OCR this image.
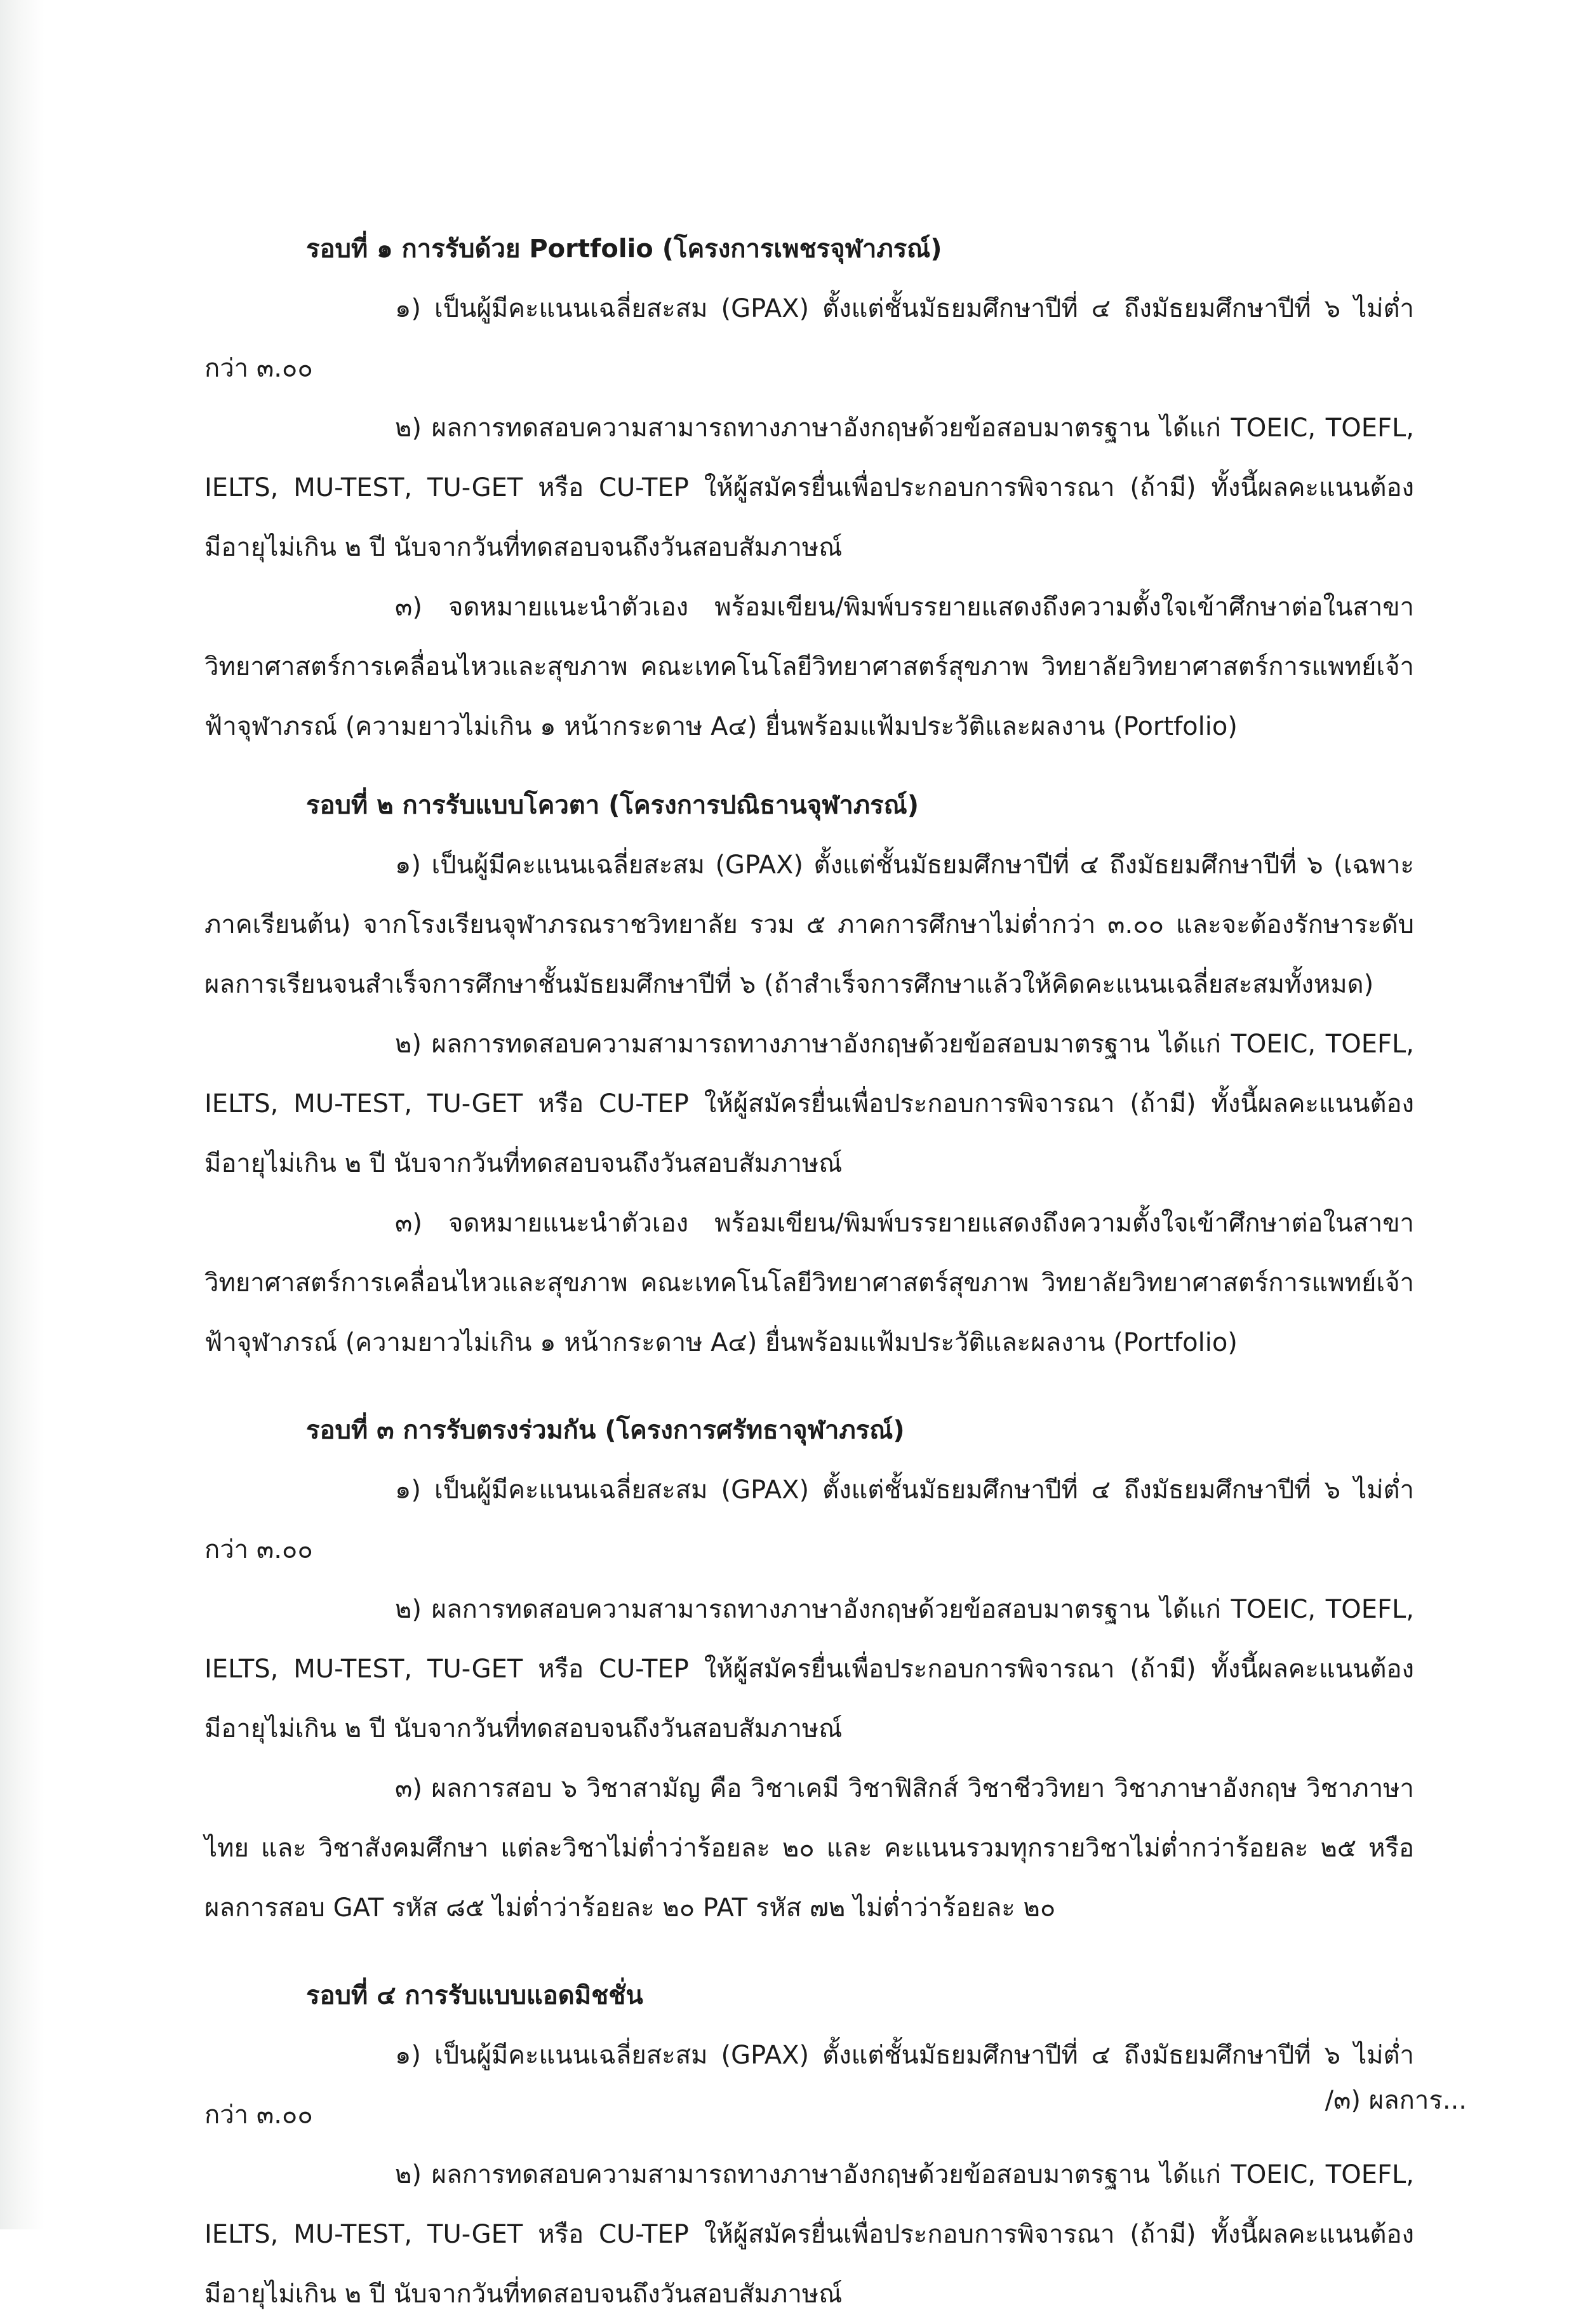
รอบที่ ๑ การรับด้วย Portfolio (โครงการเพชรจุฬาภรณ์)

๑) เป็นผู้มีคะแนนเฉลี่ยสะสม (GPAX) ตั้งแต่ชั้นมัธยมศึกษาปีที่ ๔ ถึงมัธยมศึกษาปีที่ ๖ ไม่ต่ำกว่า ๓.๐๐

๒) ผลการทดสอบความสามารถทางภาษาอังกฤษด้วยข้อสอบมาตรฐาน ได้แก่ TOEIC, TOEFL, IELTS, MU-TEST, TU-GET หรือ CU-TEP ให้ผู้สมัครยื่นเพื่อประกอบการพิจารณา (ถ้ามี) ทั้งนี้ผลคะแนนต้องมีอายุไม่เกิน ๒ ปี นับจากวันที่ทดสอบจนถึงวันสอบสัมภาษณ์

๓) จดหมายแนะนำตัวเอง พร้อมเขียน/พิมพ์บรรยายแสดงถึงความตั้งใจเข้าศึกษาต่อในสาขาวิทยาศาสตร์การเคลื่อนไหวและสุขภาพ คณะเทคโนโลยีวิทยาศาสตร์สุขภาพ วิทยาลัยวิทยาศาสตร์การแพทย์เจ้าฟ้าจุฬาภรณ์ (ความยาวไม่เกิน ๑ หน้ากระดาษ A๔) ยื่นพร้อมแฟ้มประวัติและผลงาน (Portfolio)

รอบที่ ๒ การรับแบบโควตา (โครงการปณิธานจุฬาภรณ์)

๑) เป็นผู้มีคะแนนเฉลี่ยสะสม (GPAX) ตั้งแต่ชั้นมัธยมศึกษาปีที่ ๔ ถึงมัธยมศึกษาปีที่ ๖ (เฉพาะภาคเรียนต้น) จากโรงเรียนจุฬาภรณราชวิทยาลัย รวม ๕ ภาคการศึกษาไม่ต่ำกว่า ๓.๐๐ และจะต้องรักษาระดับผลการเรียนจนสำเร็จการศึกษาชั้นมัธยมศึกษาปีที่ ๖ (ถ้าสำเร็จการศึกษาแล้วให้คิดคะแนนเฉลี่ยสะสมทั้งหมด)

๒) ผลการทดสอบความสามารถทางภาษาอังกฤษด้วยข้อสอบมาตรฐาน ได้แก่ TOEIC, TOEFL, IELTS, MU-TEST, TU-GET หรือ CU-TEP ให้ผู้สมัครยื่นเพื่อประกอบการพิจารณา (ถ้ามี) ทั้งนี้ผลคะแนนต้องมีอายุไม่เกิน ๒ ปี นับจากวันที่ทดสอบจนถึงวันสอบสัมภาษณ์

๓) จดหมายแนะนำตัวเอง พร้อมเขียน/พิมพ์บรรยายแสดงถึงความตั้งใจเข้าศึกษาต่อในสาขาวิทยาศาสตร์การเคลื่อนไหวและสุขภาพ คณะเทคโนโลยีวิทยาศาสตร์สุขภาพ วิทยาลัยวิทยาศาสตร์การแพทย์เจ้าฟ้าจุฬาภรณ์ (ความยาวไม่เกิน ๑ หน้ากระดาษ A๔) ยื่นพร้อมแฟ้มประวัติและผลงาน (Portfolio)

รอบที่ ๓ การรับตรงร่วมกัน (โครงการศรัทธาจุฬาภรณ์)

๑) เป็นผู้มีคะแนนเฉลี่ยสะสม (GPAX) ตั้งแต่ชั้นมัธยมศึกษาปีที่ ๔ ถึงมัธยมศึกษาปีที่ ๖ ไม่ต่ำกว่า ๓.๐๐

๒) ผลการทดสอบความสามารถทางภาษาอังกฤษด้วยข้อสอบมาตรฐาน ได้แก่ TOEIC, TOEFL, IELTS, MU-TEST, TU-GET หรือ CU-TEP ให้ผู้สมัครยื่นเพื่อประกอบการพิจารณา (ถ้ามี) ทั้งนี้ผลคะแนนต้องมีอายุไม่เกิน ๒ ปี นับจากวันที่ทดสอบจนถึงวันสอบสัมภาษณ์

๓) ผลการสอบ ๖ วิชาสามัญ คือ วิชาเคมี วิชาฟิสิกส์ วิชาชีววิทยา วิชาภาษาอังกฤษ วิชาภาษาไทย และ วิชาสังคมศึกษา แต่ละวิชาไม่ต่ำว่าร้อยละ ๒๐ และ คะแนนรวมทุกรายวิชาไม่ต่ำกว่าร้อยละ ๒๕ หรือ ผลการสอบ GAT รหัส ๘๕ ไม่ต่ำว่าร้อยละ ๒๐ PAT รหัส ๗๒ ไม่ต่ำว่าร้อยละ ๒๐

รอบที่ ๔ การรับแบบแอดมิชชั่น

๑) เป็นผู้มีคะแนนเฉลี่ยสะสม (GPAX) ตั้งแต่ชั้นมัธยมศึกษาปีที่ ๔ ถึงมัธยมศึกษาปีที่ ๖ ไม่ต่ำกว่า ๓.๐๐

๒) ผลการทดสอบความสามารถทางภาษาอังกฤษด้วยข้อสอบมาตรฐาน ได้แก่ TOEIC, TOEFL, IELTS, MU-TEST, TU-GET หรือ CU-TEP ให้ผู้สมัครยื่นเพื่อประกอบการพิจารณา (ถ้ามี) ทั้งนี้ผลคะแนนต้องมีอายุไม่เกิน ๒ ปี นับจากวันที่ทดสอบจนถึงวันสอบสัมภาษณ์

/๓) ผลการ...
